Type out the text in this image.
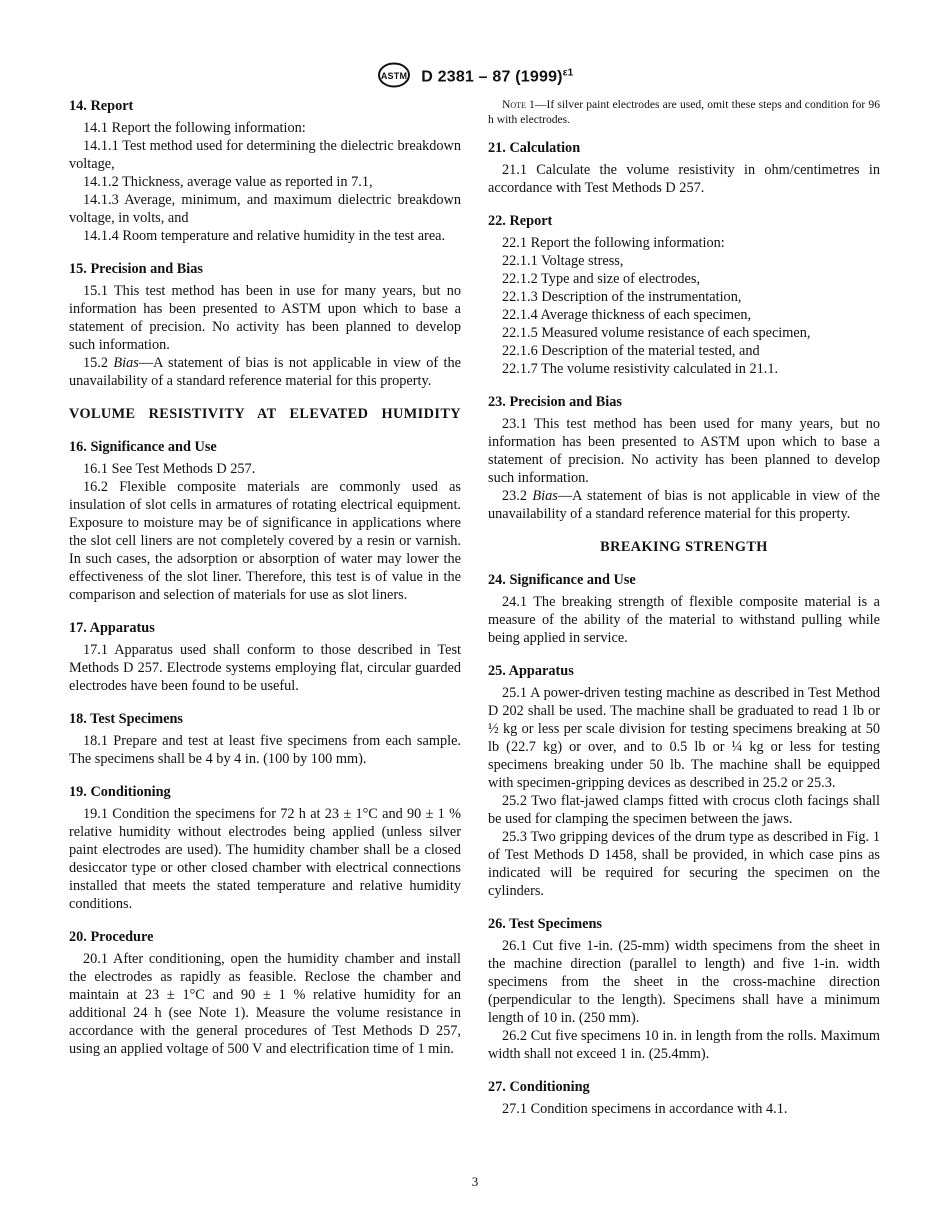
ASTM D 2381 – 87 $(1999)^{\varepsilon 1}$
14. Report

14.1 Report the following information:

14.1.1 Test method used for determining the dielectric breakdown voltage,

14.1.2 Thickness, average value as reported in 7.1,

14.1.3 Average, minimum, and maximum dielectric breakdown voltage, in volts, and

14.1.4 Room temperature and relative humidity in the test area.

15. Precision and Bias

15.1 This test method has been in use for many years, but no information has been presented to ASTM upon which to base a statement of precision. No activity has been planned to develop such information.

15.2 Bias—A statement of bias is not applicable in view of the unavailability of a standard reference material for this property.

VOLUME RESISTIVITY AT ELEVATED HUMIDITY
16. Significance and Use

16.1 See Test Methods D 257.

16.2 Flexible composite materials are commonly used as insulation of slot cells in armatures of rotating electrical equipment. Exposure to moisture may be of significance in applications where the slot cell liners are not completely covered by a resin or varnish. In such cases, the adsorption or absorption of water may lower the effectiveness of the slot liner. Therefore, this test is of value in the comparison and selection of materials for use as slot liners.

17. Apparatus

17.1 Apparatus used shall conform to those described in Test Methods D 257. Electrode systems employing flat, circular guarded electrodes have been found to be useful.

18. Test Specimens

18.1 Prepare and test at least five specimens from each sample. The specimens shall be 4 by 4 in. (100 by 100 mm).

19. Conditioning

19.1 Condition the specimens for 72 h at 23 ± 1°C and 90 ± 1 % relative humidity without electrodes being applied (unless silver paint electrodes are used). The humidity chamber shall be a closed desiccator type or other closed chamber with electrical connections installed that meets the stated temperature and relative humidity conditions.

20. Procedure

20.1 After conditioning, open the humidity chamber and install the electrodes as rapidly as feasible. Reclose the chamber and maintain at 23 ± 1°C and 90 ± 1 % relative humidity for an additional 24 h (see Note 1). Measure the volume resistance in accordance with the general procedures of Test Methods D 257, using an applied voltage of 500 V and electrification time of 1 min.

Note 1—If silver paint electrodes are used, omit these steps and condition for 96 h with electrodes.
21. Calculation

21.1 Calculate the volume resistivity in ohm/centimetres in accordance with Test Methods D 257.

22. Report

22.1 Report the following information:

22.1.1 Voltage stress,

22.1.2 Type and size of electrodes,

22.1.3 Description of the instrumentation,

22.1.4 Average thickness of each specimen,

22.1.5 Measured volume resistance of each specimen,

22.1.6 Description of the material tested, and

22.1.7 The volume resistivity calculated in 21.1.

23. Precision and Bias

23.1 This test method has been used for many years, but no information has been presented to ASTM upon which to base a statement of precision. No activity has been planned to develop such information.

23.2 Bias—A statement of bias is not applicable in view of the unavailability of a standard reference material for this property.

BREAKING STRENGTH
24. Significance and Use

24.1 The breaking strength of flexible composite material is a measure of the ability of the material to withstand pulling while being applied in service.

25. Apparatus

25.1 A power-driven testing machine as described in Test Method D 202 shall be used. The machine shall be graduated to read 1 lb or ½ kg or less per scale division for testing specimens breaking at 50 lb (22.7 kg) or over, and to 0.5 lb or ¼ kg or less for testing specimens breaking under 50 lb. The machine shall be equipped with specimen-gripping devices as described in 25.2 or 25.3.

25.2 Two flat-jawed clamps fitted with crocus cloth facings shall be used for clamping the specimen between the jaws.

25.3 Two gripping devices of the drum type as described in Fig. 1 of Test Methods D 1458, shall be provided, in which case pins as indicated will be required for securing the specimen on the cylinders.

26. Test Specimens

26.1 Cut five 1-in. (25-mm) width specimens from the sheet in the machine direction (parallel to length) and five 1-in. width specimens from the sheet in the cross-machine direction (perpendicular to the length). Specimens shall have a minimum length of 10 in. (250 mm).

26.2 Cut five specimens 10 in. in length from the rolls. Maximum width shall not exceed 1 in. (25.4mm).

27. Conditioning

27.1 Condition specimens in accordance with 4.1.

3
